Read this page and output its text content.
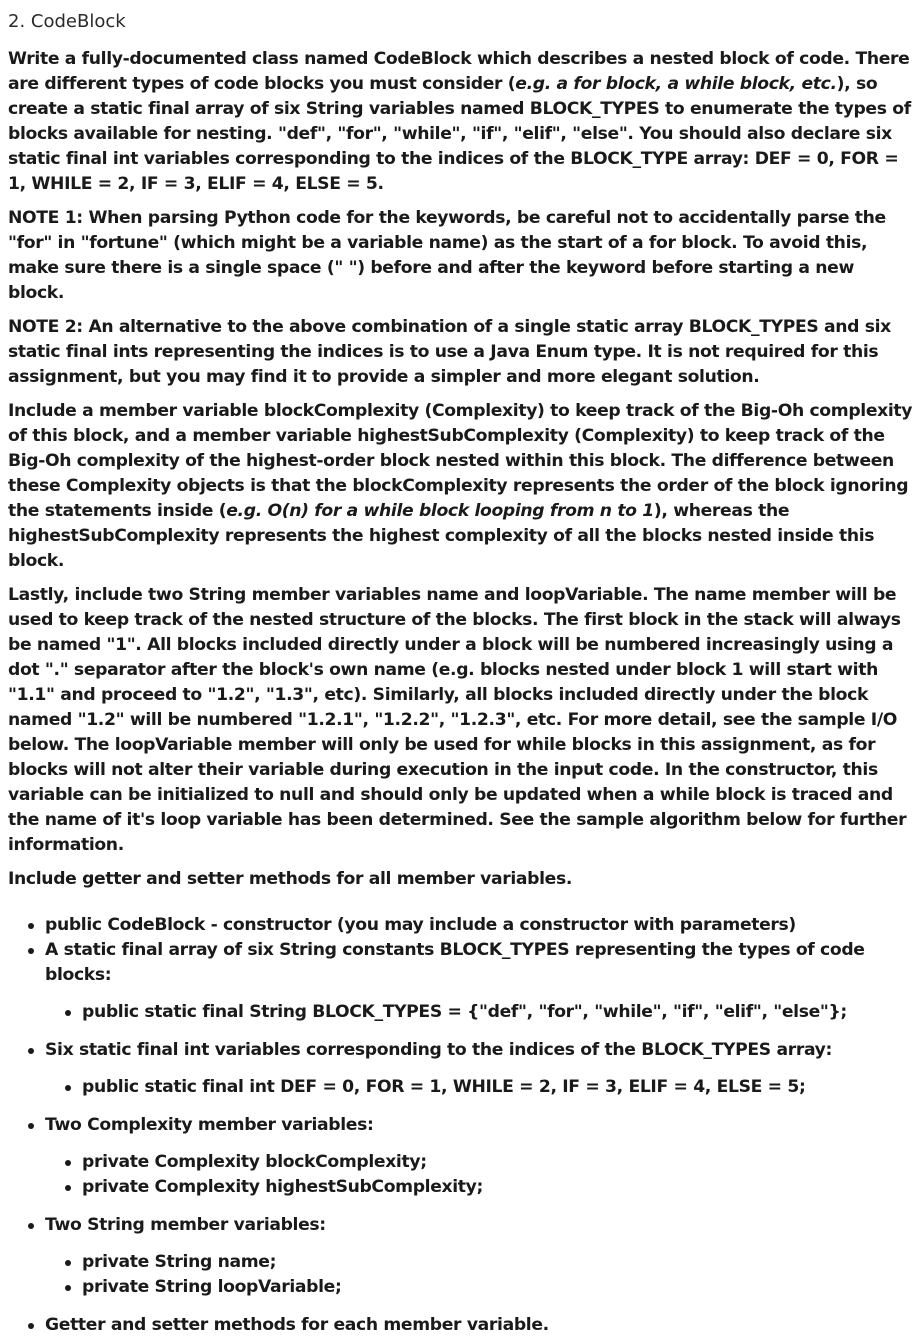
2. CodeBlock

Write a fully-documented class named CodeBlock which describes a nested block of code. There are different types of code blocks you must consider (e.g. a for block, a while block, etc.), so create a static final array of six String variables named BLOCK_TYPES to enumerate the types of blocks available for nesting. "def", "for", "while", "if", "elif", "else". You should also declare six static final int variables corresponding to the indices of the BLOCK_TYPE array: DEF = 0, FOR = 1, WHILE = 2, IF = 3, ELIF = 4, ELSE = 5.

NOTE 1: When parsing Python code for the keywords, be careful not to accidentally parse the "for" in "fortune" (which might be a variable name) as the start of a for block. To avoid this, make sure there is a single space (" ") before and after the keyword before starting a new block.

NOTE 2: An alternative to the above combination of a single static array BLOCK_TYPES and six static final ints representing the indices is to use a Java Enum type. It is not required for this assignment, but you may find it to provide a simpler and more elegant solution.

Include a member variable blockComplexity (Complexity) to keep track of the Big-Oh complexity of this block, and a member variable highestSubComplexity (Complexity) to keep track of the Big-Oh complexity of the highest-order block nested within this block. The difference between these Complexity objects is that the blockComplexity represents the order of the block ignoring the statements inside (e.g. O(n) for a while block looping from n to 1), whereas the highestSubComplexity represents the highest complexity of all the blocks nested inside this block.

Lastly, include two String member variables name and loopVariable. The name member will be used to keep track of the nested structure of the blocks. The first block in the stack will always be named "1". All blocks included directly under a block will be numbered increasingly using a dot "." separator after the block's own name (e.g. blocks nested under block 1 will start with "1.1" and proceed to "1.2", "1.3", etc). Similarly, all blocks included directly under the block named "1.2" will be numbered "1.2.1", "1.2.2", "1.2.3", etc. For more detail, see the sample I/O below. The loopVariable member will only be used for while blocks in this assignment, as for blocks will not alter their variable during execution in the input code. In the constructor, this variable can be initialized to null and should only be updated when a while block is traced and the name of it's loop variable has been determined. See the sample algorithm below for further information.

Include getter and setter methods for all member variables.

public CodeBlock - constructor (you may include a constructor with parameters)
A static final array of six String constants BLOCK_TYPES representing the types of code blocks:
public static final String BLOCK_TYPES = {"def", "for", "while", "if", "elif", "else"};
Six static final int variables corresponding to the indices of the BLOCK_TYPES array:
public static final int DEF = 0, FOR = 1, WHILE = 2, IF = 3, ELIF = 4, ELSE = 5;
Two Complexity member variables:
private Complexity blockComplexity;
private Complexity highestSubComplexity;
Two String member variables:
private String name;
private String loopVariable;
Getter and setter methods for each member variable.
